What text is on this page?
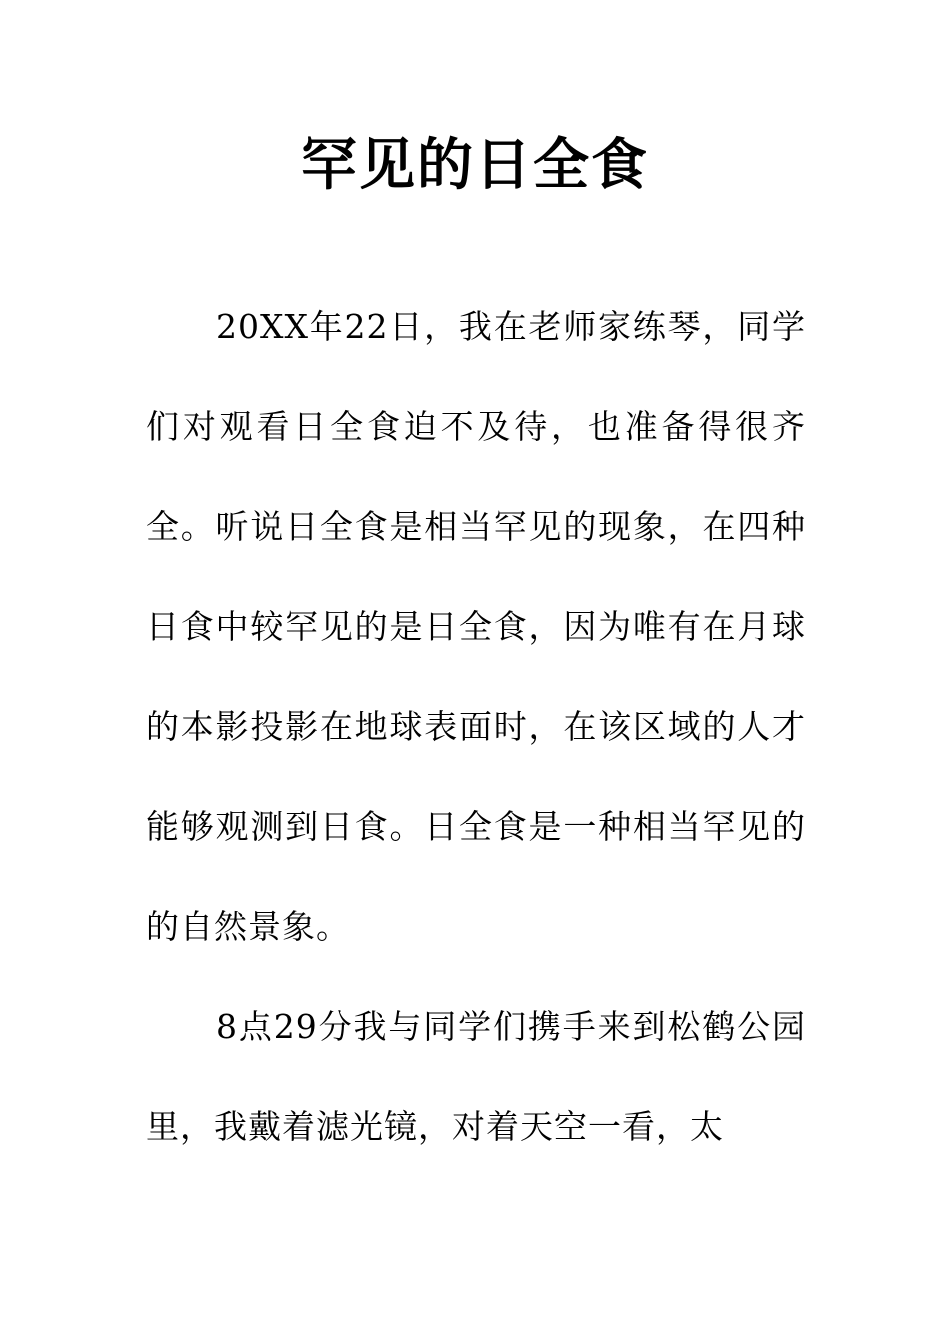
罕见的日全食

20XX年22日，我在老师家练琴，同学们对观看日全食迫不及待，也准备得很齐全。听说日全食是相当罕见的现象，在四种日食中较罕见的是日全食，因为唯有在月球的本影投影在地球表面时，在该区域的人才能够观测到日食。日全食是一种相当罕见的的自然景象。

8点29分我与同学们携手来到松鹤公园里，我戴着滤光镜，对着天空一看，太
